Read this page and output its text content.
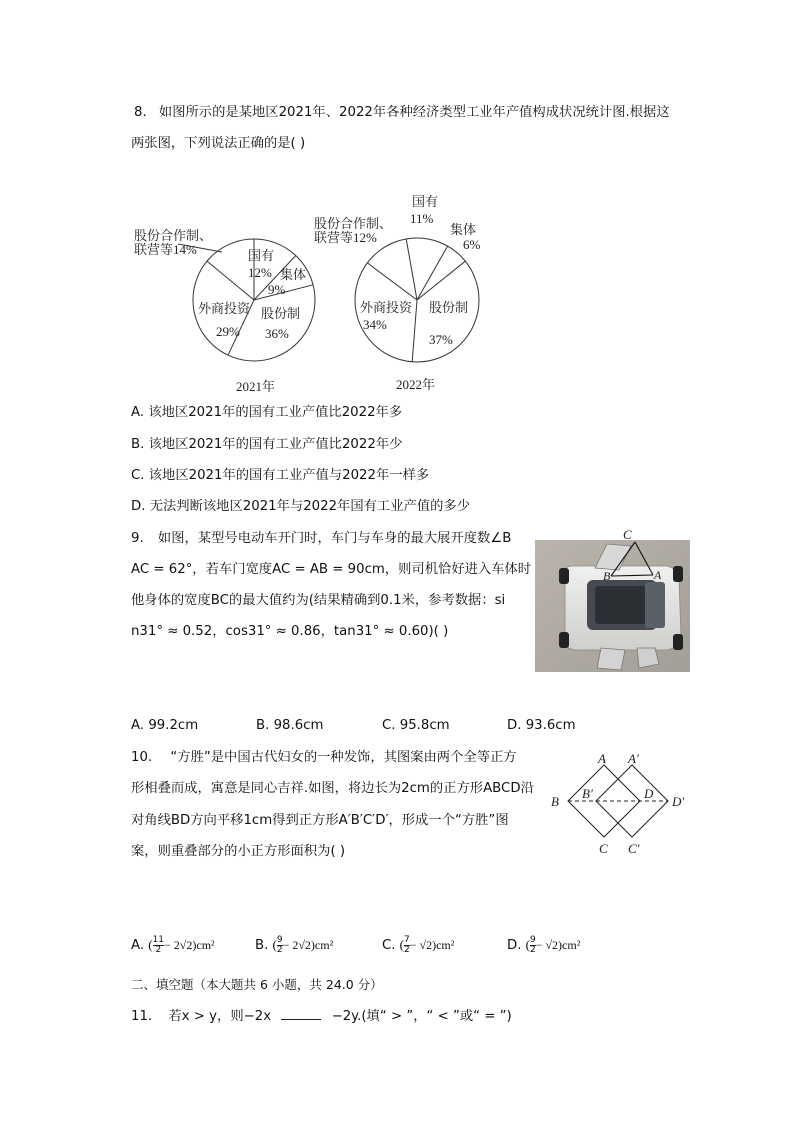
8. 如图所示的是某地区2021年、2022年各种经济类型工业年产值构成状况统计图.根据这
两张图，下列说法正确的是( )
国有
12% 集体
9%
股份制
36%
外商投资
29%
股份合作制、
联营等14%
2021年
国有
11%
集体
6%
股份制
37%
外商投资
34%
股份合作制、
联营等12%
2022年
A. 该地区2021年的国有工业产值比2022年多
B. 该地区2021年的国有工业产值比2022年少
C. 该地区2021年的国有工业产值与2022年一样多
D. 无法判断该地区2021年与2022年国有工业产值的多少
9. 如图，某型号电动车开门时，车门与车身的最大展开度数∠B
AC = 62°，若车门宽度AC = AB = 90cm，则司机恰好进入车体时
他身体的宽度BC的最大值约为(结果精确到0.1米，参考数据：si
n31° ≈ 0.52，cos31° ≈ 0.86，tan31° ≈ 0.60)( )
C
B	A
A. 99.2cm	B. 98.6cm	C. 95.8cm	D. 93.6cm
10. “方胜”是中国古代妇女的一种发饰，其图案由两个全等正方
形相叠而成，寓意是同心吉祥.如图，将边长为2cm的正方形ABCD沿
对角线BD方向平移1cm得到正方形A′B′C′D′，形成一个“方胜”图
案，则重叠部分的小正方形面积为( )
A A′
B
B′	D
D′
C C′
A. ( $\frac{11}{2} - 2√2)cm^2$	B. ( $\frac{9}{2} - 2√2)cm^2$	C. ( $\frac{7}{2} - √2)cm^2$	D. ( $\frac{9}{2} - √2)cm^2$
二、填空题（本大题共 6 小题，共 24.0 分）
11. 若x > y，则−2x	−2y.(填“ > ”，“ < ”或“ = ”)
